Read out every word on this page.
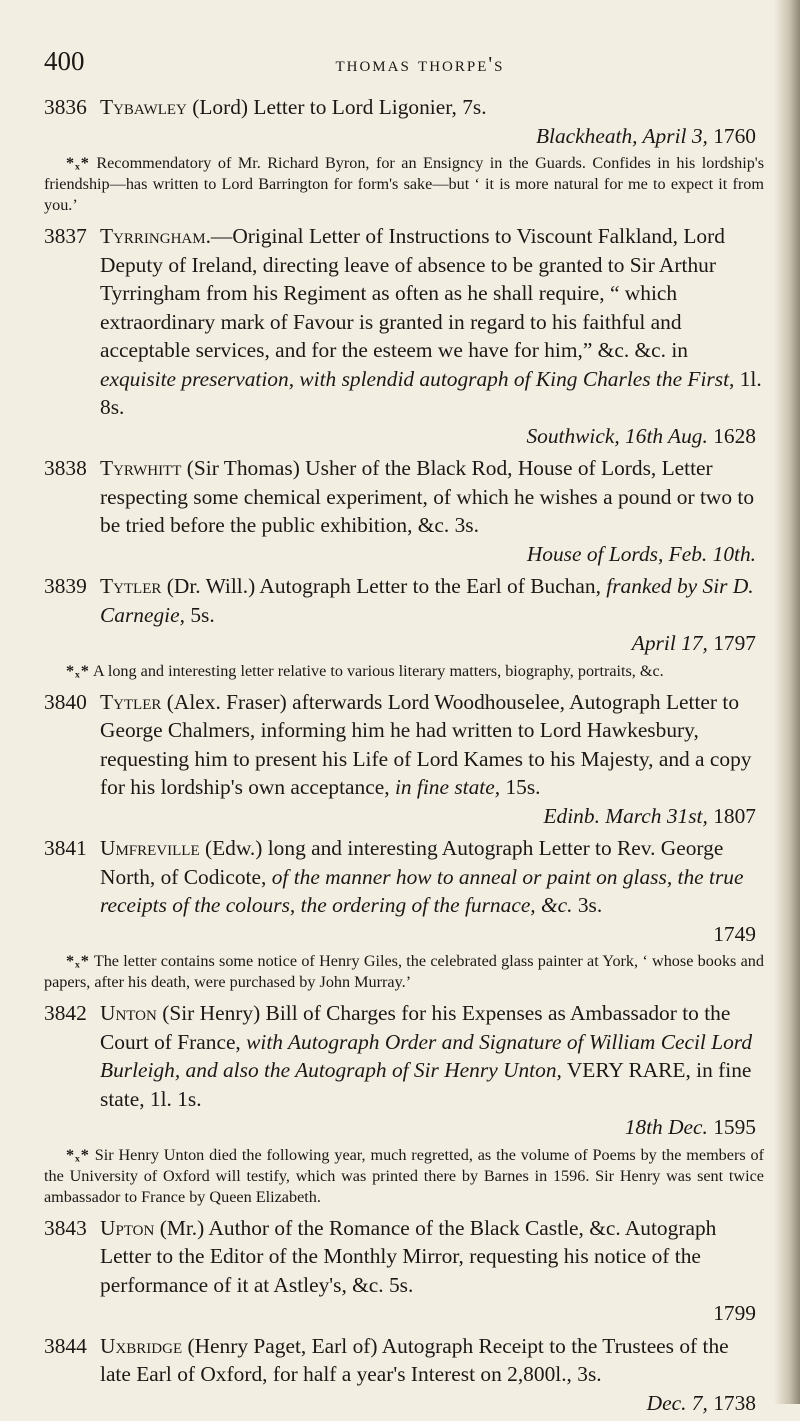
400	thomas thorpe's
3836 Tybawley (Lord) Letter to Lord Ligonier, 7s.
Blackheath, April 3, 1760
*ₓ* Recommendatory of Mr. Richard Byron, for an Ensigncy in the Guards. Confides in his lordship's friendship—has written to Lord Barrington for form's sake—but ‘ it is more natural for me to expect it from you.’
3837 Tyrringham.—Original Letter of Instructions to Viscount Falkland, Lord Deputy of Ireland, directing leave of absence to be granted to Sir Arthur Tyrringham from his Regiment as often as he shall require, “ which extraordinary mark of Favour is granted in regard to his faithful and acceptable services, and for the esteem we have for him,” &c. &c. in exquisite preservation, with splendid autograph of King Charles the First, 1l. 8s.
Southwick, 16th Aug. 1628
3838 Tyrwhitt (Sir Thomas) Usher of the Black Rod, House of Lords, Letter respecting some chemical experiment, of which he wishes a pound or two to be tried before the public exhibition, &c. 3s.
House of Lords, Feb. 10th.
3839 Tytler (Dr. Will.) Autograph Letter to the Earl of Buchan, franked by Sir D. Carnegie, 5s.
April 17, 1797
*ₓ* A long and interesting letter relative to various literary matters, biography, portraits, &c.
3840 Tytler (Alex. Fraser) afterwards Lord Woodhouselee, Autograph Letter to George Chalmers, informing him he had written to Lord Hawkesbury, requesting him to present his Life of Lord Kames to his Majesty, and a copy for his lordship's own acceptance, in fine state, 15s.
Edinb. March 31st, 1807
3841 Umfreville (Edw.) long and interesting Autograph Letter to Rev. George North, of Codicote, of the manner how to anneal or paint on glass, the true receipts of the colours, the ordering of the furnace, &c. 3s.
1749
*ₓ* The letter contains some notice of Henry Giles, the celebrated glass painter at York, ‘ whose books and papers, after his death, were purchased by John Murray.’
3842 Unton (Sir Henry) Bill of Charges for his Expenses as Ambassador to the Court of France, with Autograph Order and Signature of William Cecil Lord Burleigh, and also the Autograph of Sir Henry Unton, VERY RARE, in fine state, 1l. 1s.
18th Dec. 1595
*ₓ* Sir Henry Unton died the following year, much regretted, as the volume of Poems by the members of the University of Oxford will testify, which was printed there by Barnes in 1596. Sir Henry was sent twice ambassador to France by Queen Elizabeth.
3843 Upton (Mr.) Author of the Romance of the Black Castle, &c. Autograph Letter to the Editor of the Monthly Mirror, requesting his notice of the performance of it at Astley's, &c. 5s.
1799
3844 Uxbridge (Henry Paget, Earl of) Autograph Receipt to the Trustees of the late Earl of Oxford, for half a year's Interest on 2,800l., 3s.
Dec. 7, 1738
